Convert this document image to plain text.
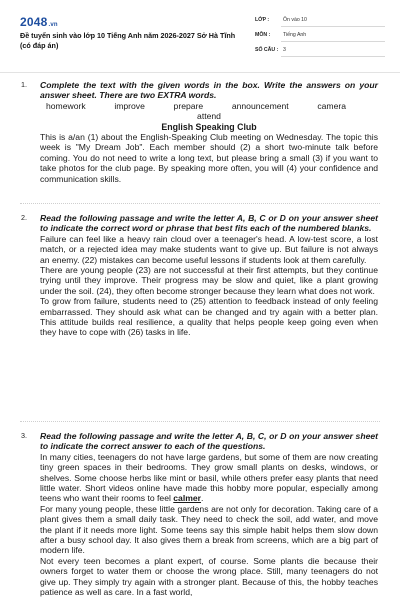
2048.vn
Đề tuyển sinh vào lớp 10 Tiếng Anh năm 2026-2027 Sở Hà Tĩnh (có đáp án)
LỚP :	Ôn vào 10
MÔN : Tiếng Anh
SỐ CÂU : 3
1. Complete the text with the given words in the box. Write the answers on your answer sheet. There are two EXTRA words.
homework	improve	prepare	announcement	camera
attend
English Speaking Club

This is a/an (1) about the English-Speaking Club meeting on Wednesday. The topic this week is "My Dream Job". Each member should (2) a short two-minute talk before coming. You do not need to write a long text, but please bring a small (3) if you want to take photos for the club page. By speaking more often, you will (4) your confidence and communication skills.

2. Read the following passage and write the letter A, B, C or D on your answer sheet to indicate the correct word or phrase that best fits each of the numbered blanks.

Failure can feel like a heavy rain cloud over a teenager's head. A low-test score, a lost match, or a rejected idea may make students want to give up. But failure is not always an enemy. (22) mistakes can become useful lessons if students look at them carefully.

There are young people (23) are not successful at their first attempts, but they continue trying until they improve. Their progress may be slow and quiet, like a plant growing under the soil. (24), they often become stronger because they learn what does not work.

To grow from failure, students need to (25) attention to feedback instead of only feeling embarrassed. They should ask what can be changed and try again with a better plan. This attitude builds real resilience, a quality that helps people keep going even when they have to cope with (26) tasks in life.

3. Read the following passage and write the letter A, B, C, or D on your answer sheet to indicate the correct answer to each of the questions.

In many cities, teenagers do not have large gardens, but some of them are now creating tiny green spaces in their bedrooms. They grow small plants on desks, windows, or shelves. Some choose herbs like mint or basil, while others prefer easy plants that need little water. Short videos online have made this hobby more popular, especially among teens who want their rooms to feel calmer.

For many young people, these little gardens are not only for decoration. Taking care of a plant gives them a small daily task. They need to check the soil, add water, and move the plant if it needs more light. Some teens say this simple habit helps them slow down after a busy school day. It also gives them a break from screens, which are a big part of modern life.

Not every teen becomes a plant expert, of course. Some plants die because their owners forget to water them or choose the wrong place. Still, many teenagers do not give up. They simply try again with a stronger plant. Because of this, the hobby teaches patience as well as care. In a fast world,
